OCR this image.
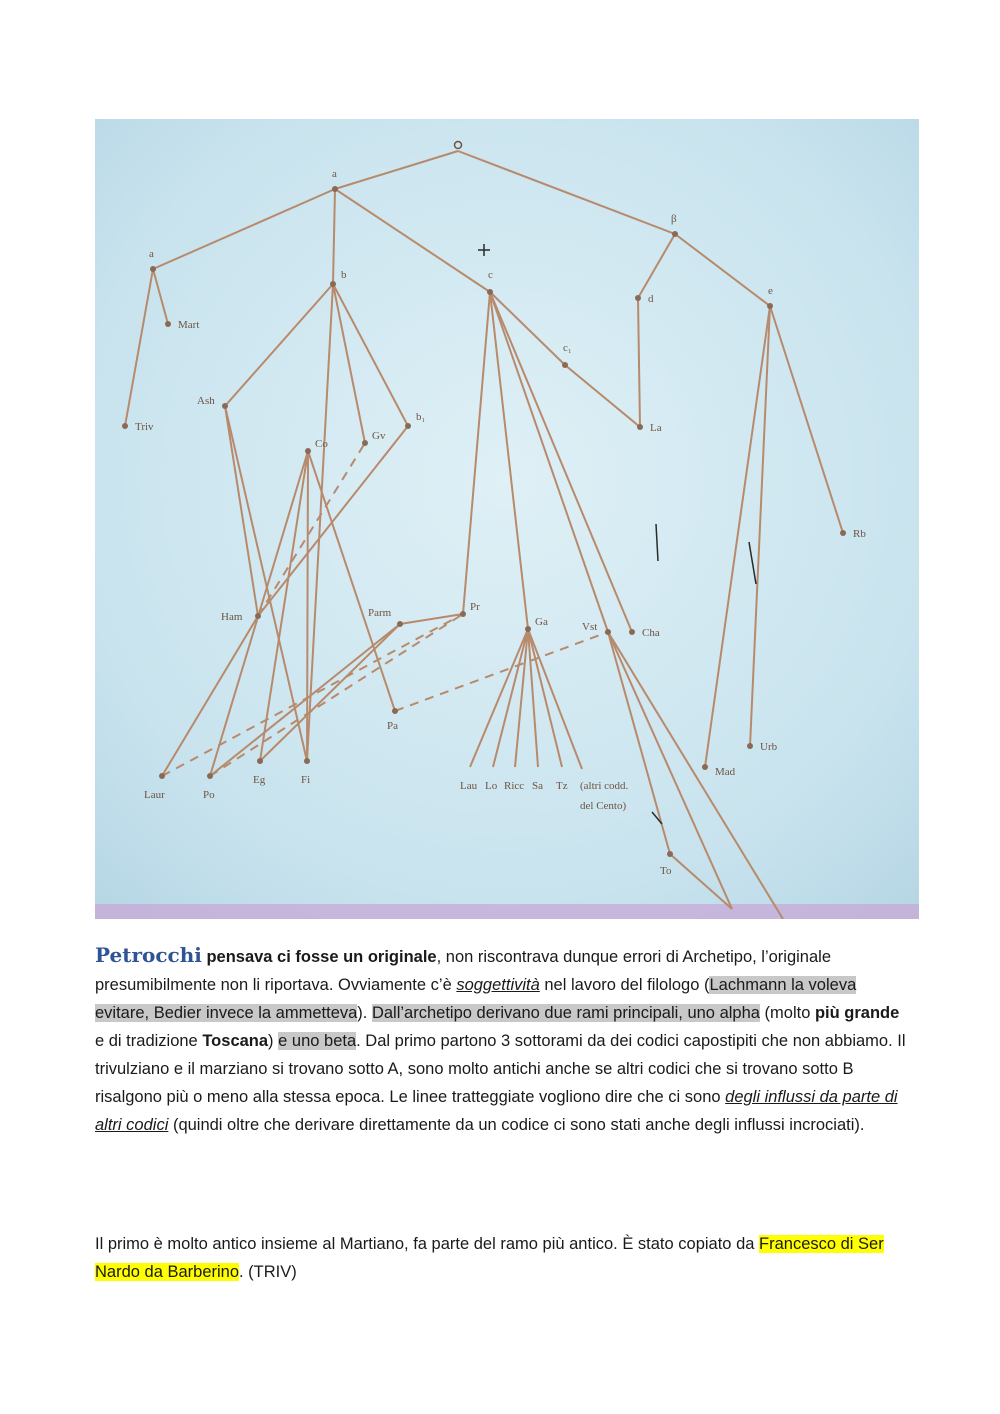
a
β
a
b	c
c₁
d
e
b₁
Mart
Triv
Ash
Co
Gv
La
Rb
Ham	Parm	Pr
Ga	Vst	Cha
Pa
Urb
Mad
Laur	Po
Eg	Fi	Lau Lo Ricc Sa Tz (altri codd.
del Cento)
To
Petrocchi pensava ci fosse un originale, non riscontrava dunque errori di Archetipo, l’originale presumibilmente non li riportava. Ovviamente c’è soggettività nel lavoro del filologo (Lachmann la voleva evitare, Bedier invece la ammetteva). Dall’archetipo derivano due rami principali, uno alpha (molto più grande e di tradizione Toscana) e uno beta. Dal primo partono 3 sottorami da dei codici capostipiti che non abbiamo. Il trivulziano e il marziano si trovano sotto A, sono molto antichi anche se altri codici che si trovano sotto B risalgono più o meno alla stessa epoca. Le linee tratteggiate vogliono dire che ci sono degli influssi da parte di altri codici (quindi oltre che derivare direttamente da un codice ci sono stati anche degli influssi incrociati).
Il primo è molto antico insieme al Martiano, fa parte del ramo più antico. È stato copiato da Francesco di Ser Nardo da Barberino. (TRIV)
